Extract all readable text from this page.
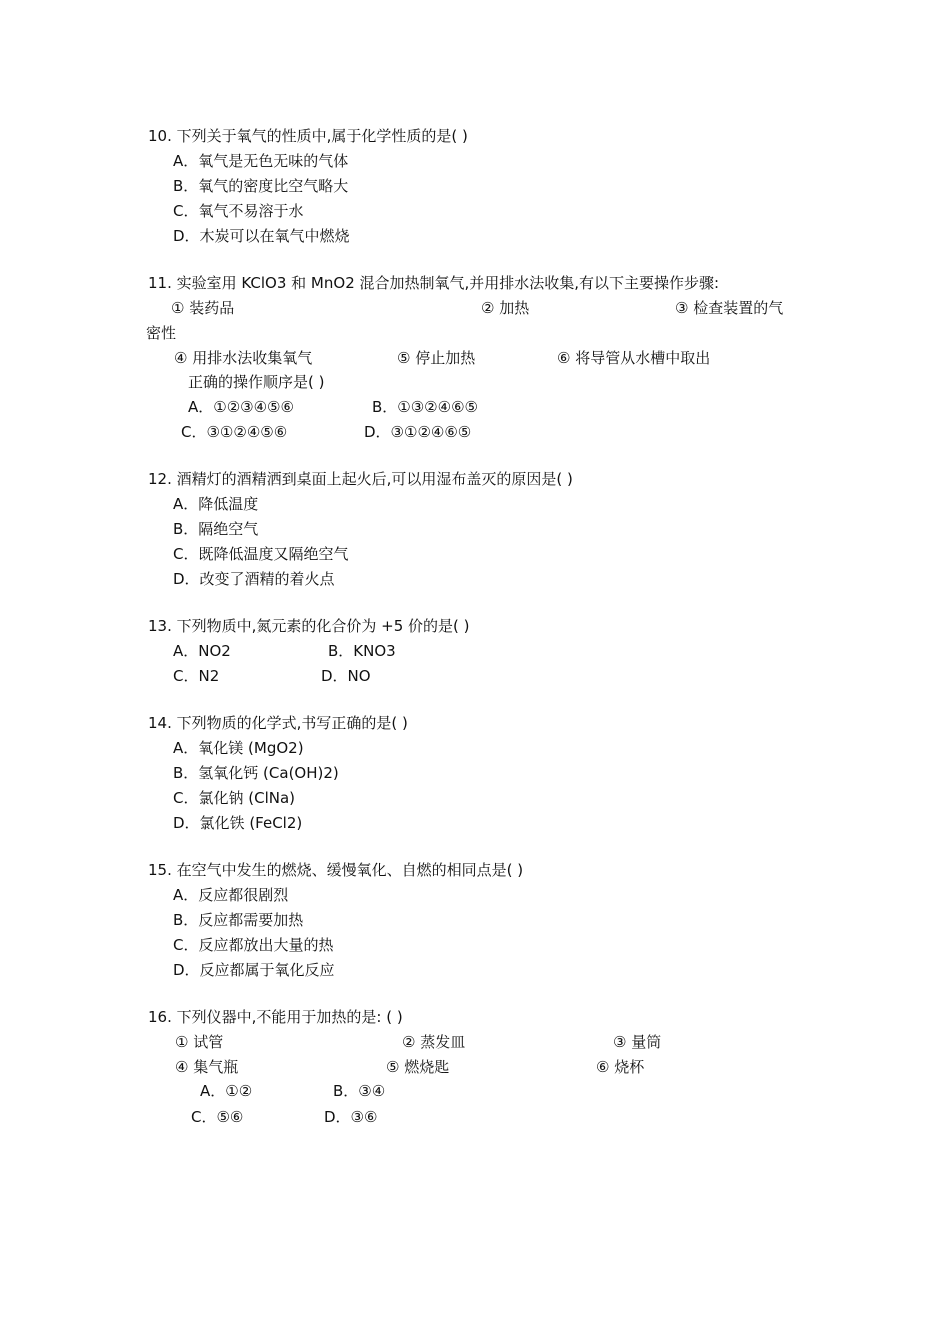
10. 下列关于氧气的性质中,属于化学性质的是( )
A．氧气是无色无味的气体
B．氧气的密度比空气略大
C．氧气不易溶于水
D．木炭可以在氧气中燃烧
11. 实验室用 KClO3 和 MnO2 混合加热制氧气,并用排水法收集,有以下主要操作步骤:
① 装药品	② 加热	③ 检查装置的气
密性
④ 用排水法收集氧气	⑤ 停止加热	⑥ 将导管从水槽中取出
正确的操作顺序是( )
A．①②③④⑤⑥	B．①③②④⑥⑤
C．③①②④⑤⑥	D．③①②④⑥⑤
12. 酒精灯的酒精洒到桌面上起火后,可以用湿布盖灭的原因是( )
A．降低温度
B．隔绝空气
C．既降低温度又隔绝空气
D．改变了酒精的着火点
13. 下列物质中,氮元素的化合价为 +5 价的是( )
A．NO2	B．KNO3
C．N2	D．NO
14. 下列物质的化学式,书写正确的是( )
A．氧化镁 (MgO2)
B．氢氧化钙 (Ca(OH)2)
C．氯化钠 (ClNa)
D．氯化铁 (FeCl2)
15. 在空气中发生的燃烧、缓慢氧化、自燃的相同点是( )
A．反应都很剧烈
B．反应都需要加热
C．反应都放出大量的热
D．反应都属于氧化反应
16. 下列仪器中,不能用于加热的是: ( )
① 试管	② 蒸发皿	③ 量筒
④ 集气瓶	⑤ 燃烧匙	⑥ 烧杯
A．①②	B．③④
C．⑤⑥	D．③⑥
